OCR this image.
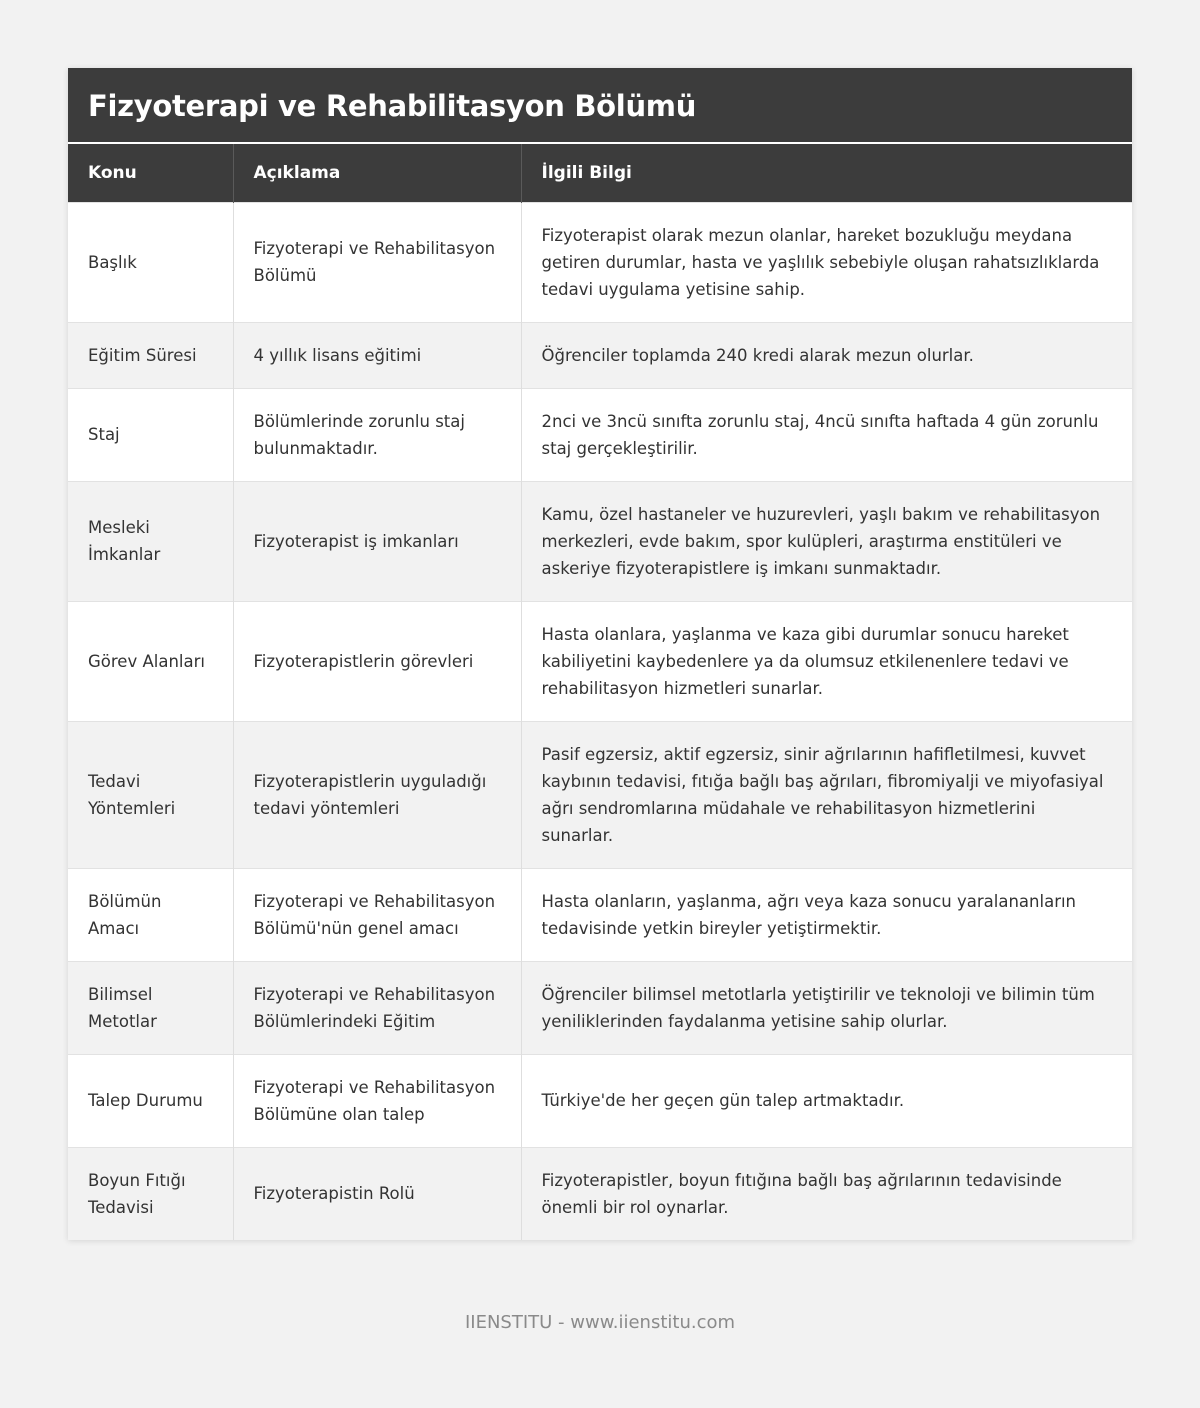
Fizyoterapi ve Rehabilitasyon Bölümü
Konu	Açıklama	İlgili Bilgi
Başlık	Fizyoterapi ve Rehabilitasyon Bölümü	Fizyoterapist olarak mezun olanlar, hareket bozukluğu meydana getiren durumlar, hasta ve yaşlılık sebebiyle oluşan rahatsızlıklarda tedavi uygulama yetisine sahip.
Eğitim Süresi	4 yıllık lisans eğitimi	Öğrenciler toplamda 240 kredi alarak mezun olurlar.
Staj	Bölümlerinde zorunlu staj bulunmaktadır.	2nci ve 3ncü sınıfta zorunlu staj, 4ncü sınıfta haftada 4 gün zorunlu staj gerçekleştirilir.
Mesleki İmkanlar	Fizyoterapist iş imkanları	Kamu, özel hastaneler ve huzurevleri, yaşlı bakım ve rehabilitasyon merkezleri, evde bakım, spor kulüpleri, araştırma enstitüleri ve askeriye fizyoterapistlere iş imkanı sunmaktadır.
Görev Alanları	Fizyoterapistlerin görevleri	Hasta olanlara, yaşlanma ve kaza gibi durumlar sonucu hareket kabiliyetini kaybedenlere ya da olumsuz etkilenenlere tedavi ve rehabilitasyon hizmetleri sunarlar.
Tedavi Yöntemleri	Fizyoterapistlerin uyguladığı tedavi yöntemleri	Pasif egzersiz, aktif egzersiz, sinir ağrılarının hafifletilmesi, kuvvet kaybının tedavisi, fıtığa bağlı baş ağrıları, fibromiyalji ve miyofasiyal ağrı sendromlarına müdahale ve rehabilitasyon hizmetlerini sunarlar.
Bölümün Amacı	Fizyoterapi ve Rehabilitasyon Bölümü'nün genel amacı	Hasta olanların, yaşlanma, ağrı veya kaza sonucu yaralananların tedavisinde yetkin bireyler yetiştirmektir.
Bilimsel Metotlar	Fizyoterapi ve Rehabilitasyon Bölümlerindeki Eğitim	Öğrenciler bilimsel metotlarla yetiştirilir ve teknoloji ve bilimin tüm yeniliklerinden faydalanma yetisine sahip olurlar.
Talep Durumu	Fizyoterapi ve Rehabilitasyon Bölümüne olan talep	Türkiye'de her geçen gün talep artmaktadır.
Boyun Fıtığı Tedavisi	Fizyoterapistin Rolü	Fizyoterapistler, boyun fıtığına bağlı baş ağrılarının tedavisinde önemli bir rol oynarlar.
IIENSTITU - www.iienstitu.com
